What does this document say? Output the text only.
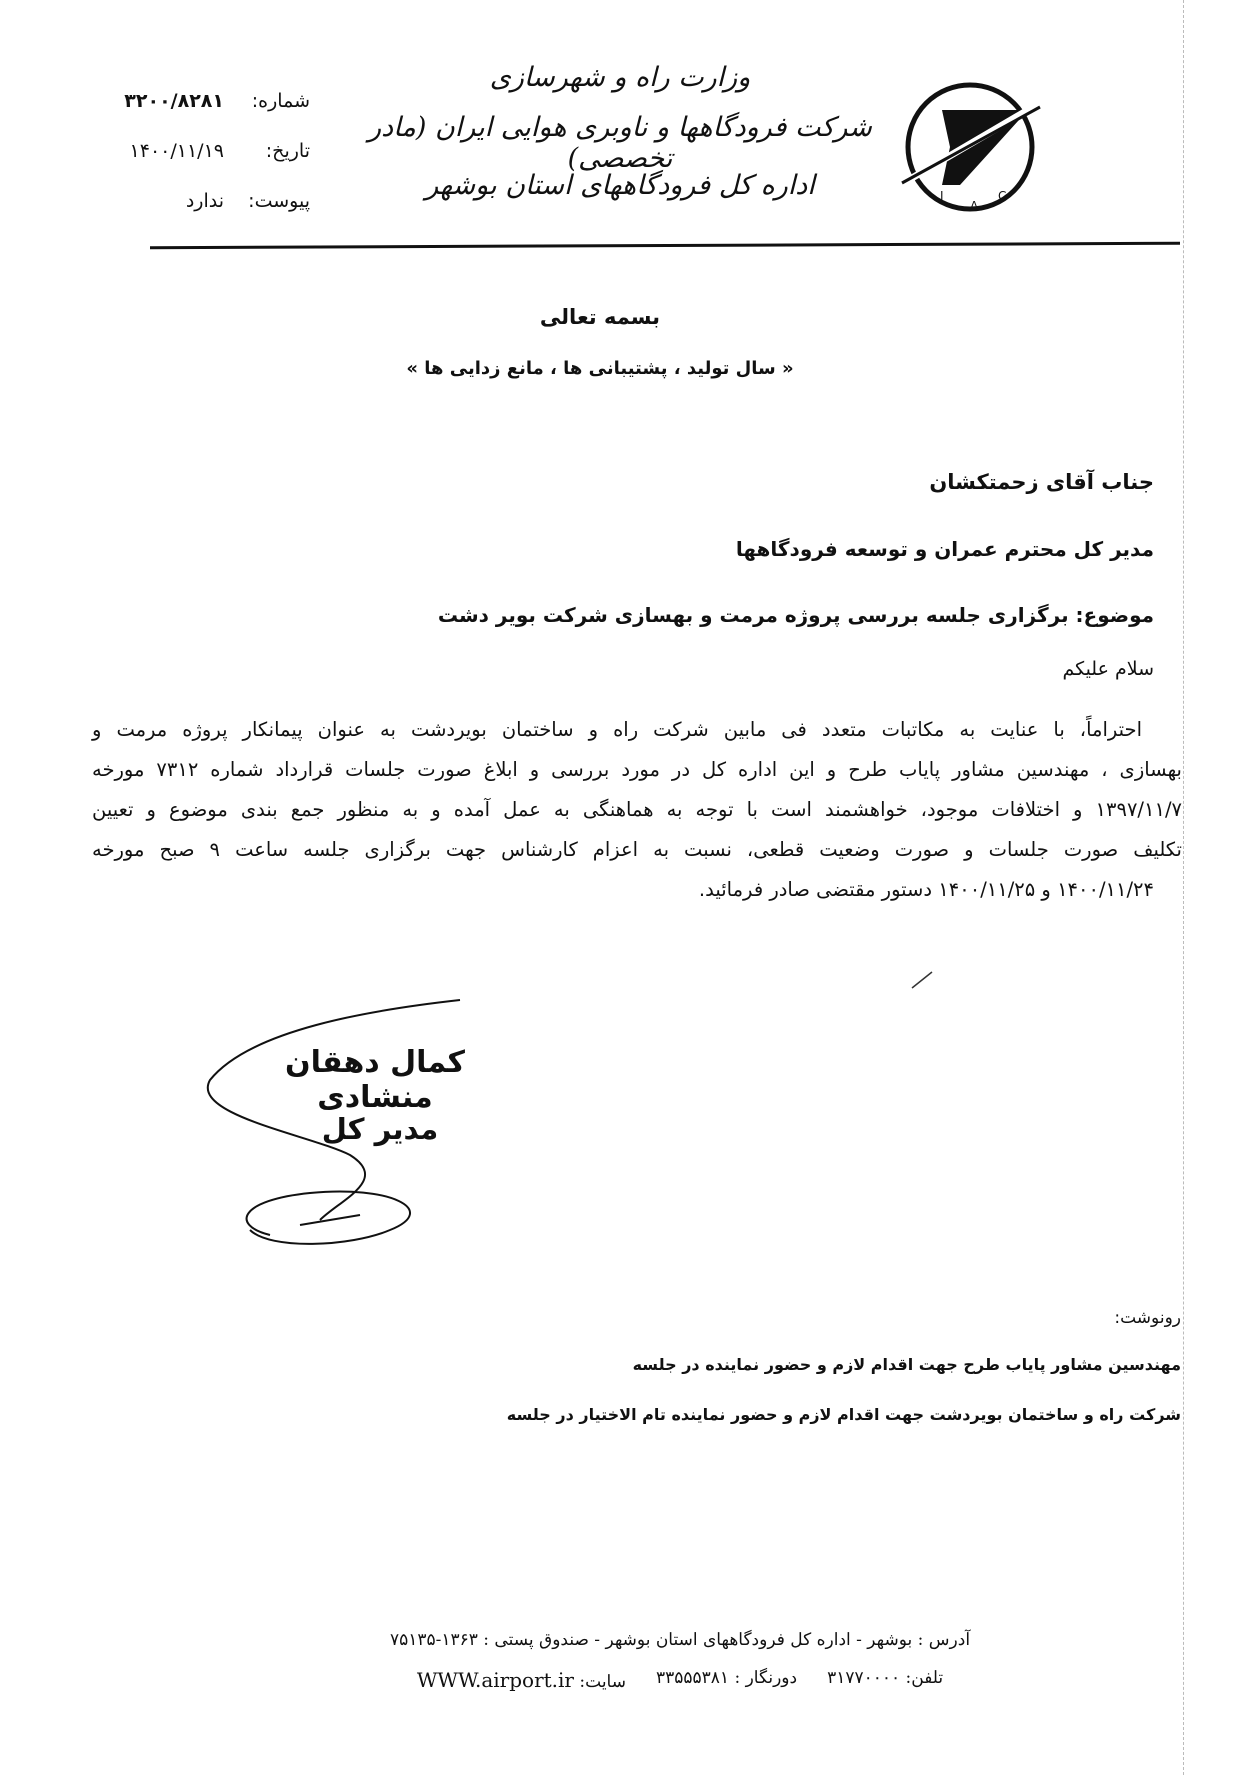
I
A
C
وزارت راه و شهرسازی
شرکت فرودگاهها و ناوبری هوایی ایران (مادر تخصصی)
اداره کل فرودگاههای استان بوشهر
شماره:
۳۲۰۰/۸۲۸۱
تاریخ:
۱۴۰۰/۱۱/۱۹
پیوست:
ندارد
بسمه تعالی
« سال تولید ، پشتیبانی ها ، مانع زدایی ها »
جناب آقای زحمتکشان
مدیر کل محترم عمران و توسعه فرودگاهها
موضوع: برگزاری جلسه بررسی پروژه مرمت و بهسازی شرکت بویر دشت
سلام علیکم
احتراماً، با عنایت به مکاتبات متعدد فی مابین شرکت راه و ساختمان بویردشت به عنوان پیمانکار پروژه مرمت و
بهسازی ، مهندسین مشاور پایاب طرح و این اداره کل در مورد بررسی و ابلاغ صورت جلسات قرارداد شماره ۷۳۱۲ مورخه
۱۳۹۷/۱۱/۷ و اختلافات موجود، خواهشمند است با توجه به هماهنگی به عمل آمده و به منظور جمع بندی موضوع و تعیین
تکلیف صورت جلسات و صورت وضعیت قطعی، نسبت به اعزام کارشناس جهت برگزاری جلسه ساعت ۹ صبح مورخه
۱۴۰۰/۱۱/۲۴ و ۱۴۰۰/۱۱/۲۵ دستور مقتضی صادر فرمائید.
کمال دهقان منشادی
مدیر کل
رونوشت:
مهندسین مشاور پایاب طرح جهت اقدام لازم و حضور نماینده در جلسه
شرکت راه و ساختمان بویردشت جهت اقدام لازم و حضور نماینده تام الاختیار در جلسه
آدرس : بوشهر - اداره کل فرودگاههای استان بوشهر - صندوق پستی : ۱۳۶۳-۷۵۱۳۵
تلفن: ۳۱۷۷۰۰۰۰
دورنگار : ۳۳۵۵۵۳۸۱
سایت: WWW.airport.ir
